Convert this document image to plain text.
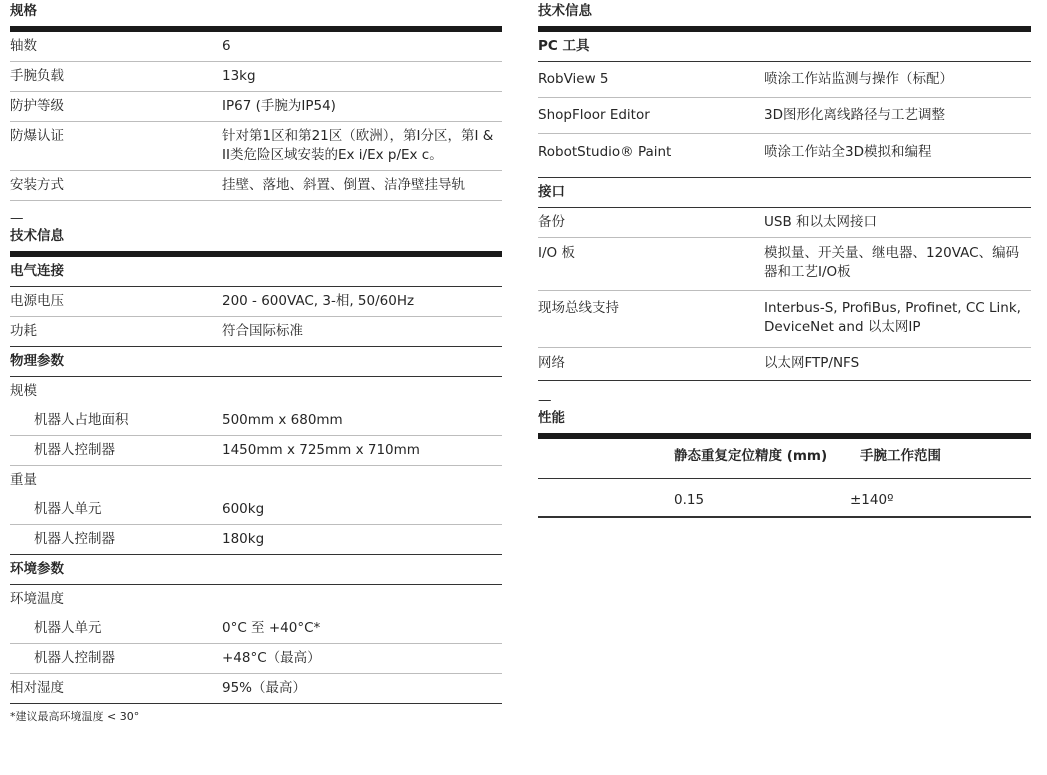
规格
轴数	6
手腕负载	13kg
防护等级	IP67 (手腕为IP54)
防爆认证	针对第1区和第21区（欧洲），第I分区，第I & II类危险区域安装的Ex i/Ex p/Ex c。
安装方式	挂壁、落地、斜置、倒置、洁净壁挂导轨
—
技术信息
电气连接
电源电压	200 - 600VAC, 3-相, 50/60Hz
功耗	符合国际标准
物理参数
规模
机器人占地面积	500mm x 680mm
机器人控制器	1450mm x 725mm x 710mm
重量
机器人单元	600kg
机器人控制器	180kg
环境参数
环境温度
机器人单元	0°C 至 +40°C*
机器人控制器	+48°C（最高）
相对湿度	95%（最高）
*建议最高环境温度 < 30°
技术信息
PC 工具
RobView 5	喷涂工作站监测与操作（标配）
ShopFloor Editor	3D图形化离线路径与工艺调整
RobotStudio® Paint	喷涂工作站全3D模拟和编程
接口
备份	USB 和以太网接口
I/O 板	模拟量、开关量、继电器、120VAC、编码器和工艺I/O板
现场总线支持	Interbus-S, ProfiBus, Profinet, CC Link, DeviceNet and 以太网IP
网络	以太网FTP/NFS
—
性能
静态重复定位精度 (mm)	手腕工作范围
0.15	±140º
